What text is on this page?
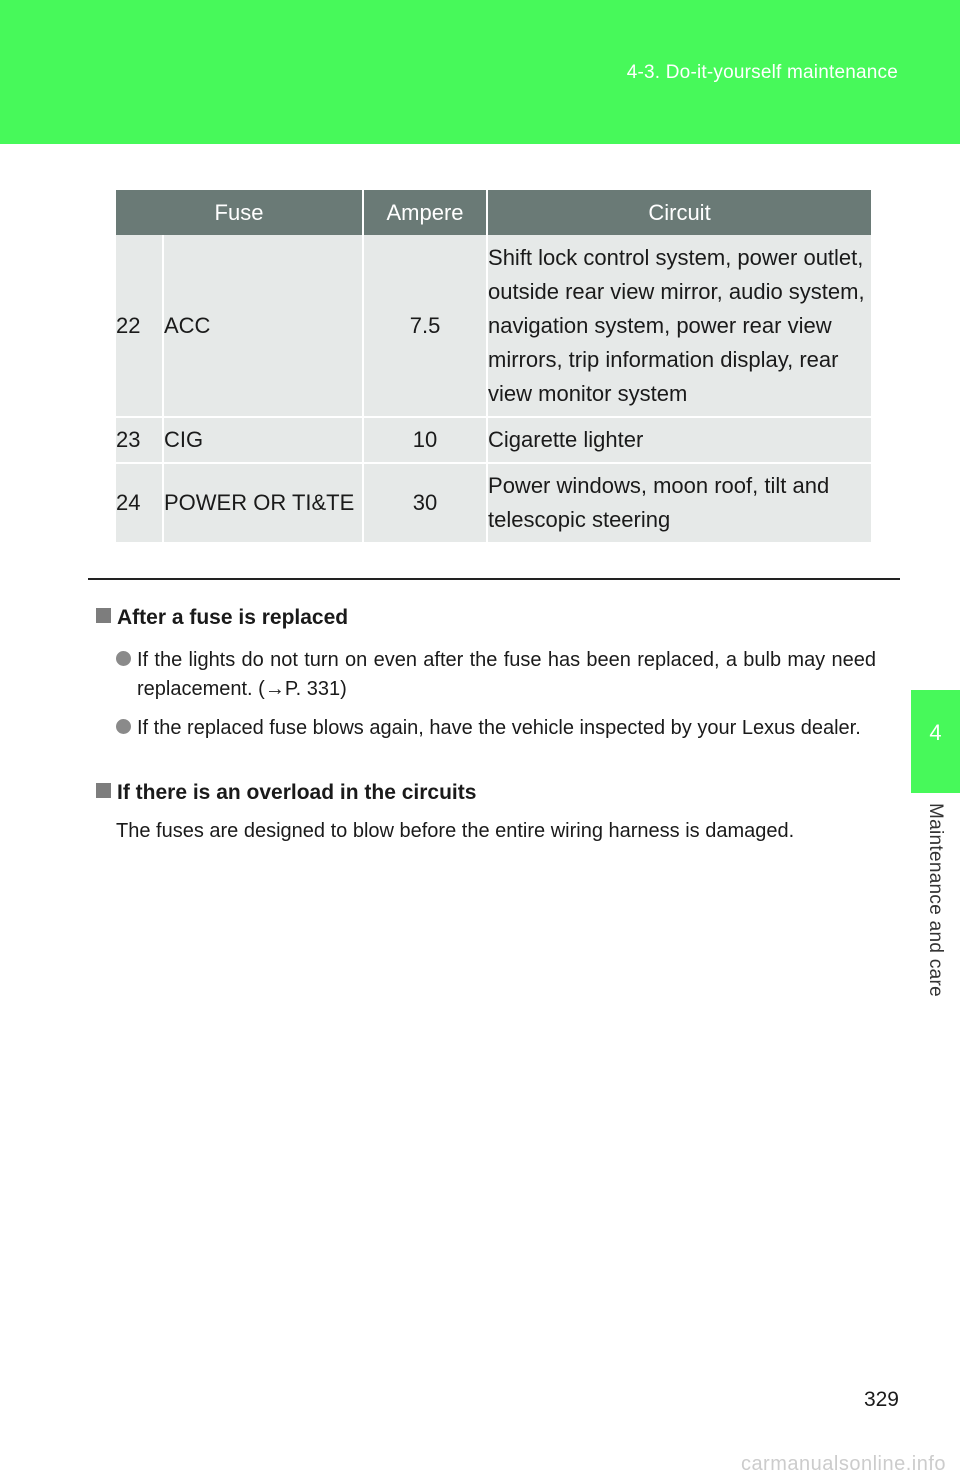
4-3. Do-it-yourself maintenance
4
Maintenance and care
Fuse		Ampere	Circuit
22	ACC	7.5	Shift lock control system, power outlet, outside rear view mirror, audio system, navigation system, power rear view mirrors, trip information display, rear view monitor system
23	CIG	10	Cigarette lighter
24	POWER OR TI&TE	30	Power windows, moon roof, tilt and telescopic steering
After a fuse is replaced
If the lights do not turn on even after the fuse has been replaced, a bulb may need replacement. (→P. 331)
If the replaced fuse blows again, have the vehicle inspected by your Lexus dealer.
If there is an overload in the circuits
The fuses are designed to blow before the entire wiring harness is damaged.
329
carmanualsonline.info
